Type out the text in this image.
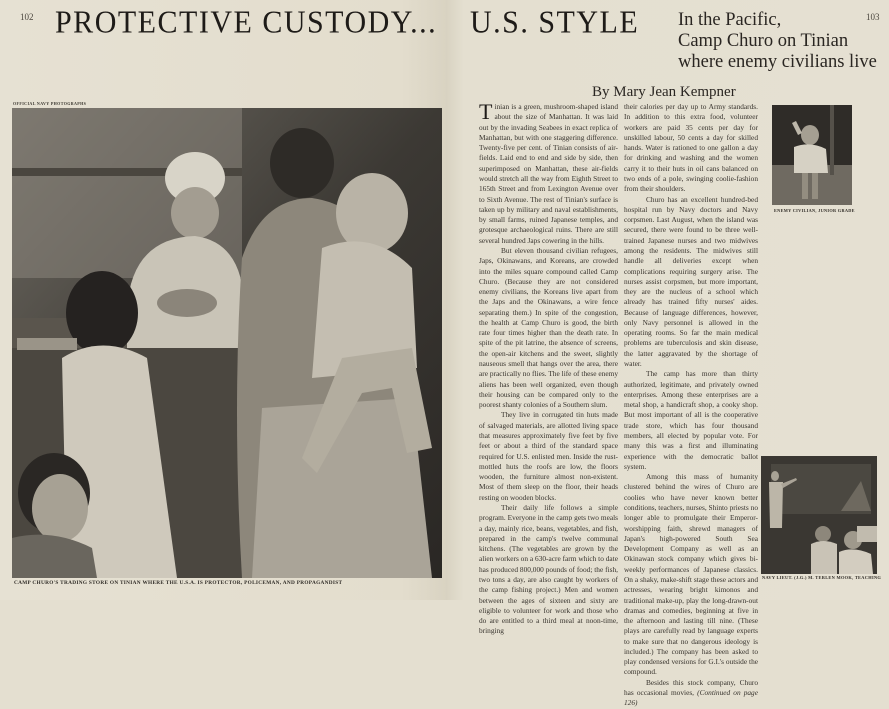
102 PROTECTIVE CUSTODY...
OFFICIAL NAVY PHOTOGRAPHS
CAMP CHURO'S TRADING STORE ON TINIAN WHERE THE U.S.A. IS PROTECTOR, POLICEMAN, AND PROPAGANDIST
U.S. STYLE In the Pacific,
Camp Churo on Tinian
where enemy civilians live
103
By Mary Jean Kempner

Tinian is a green, mushroom-shaped island about the size of Manhattan. It was laid out by the invading Seabees in exact replica of Manhattan, but with one staggering difference. Twenty-five per cent. of Tinian consists of air-fields. Laid end to end and side by side, then superimposed on Manhattan, these air-fields would stretch all the way from Eighth Street to 165th Street and from Lexington Avenue over to Sixth Avenue. The rest of Tinian's surface is taken up by military and naval establishments, by small farms, ruined Japanese temples, and grotesque archaeological ruins. There are still several hundred Japs cowering in the hills.

But eleven thousand civilian refugees, Japs, Okinawans, and Koreans, are crowded into the miles square compound called Camp Churo. (Because they are not considered enemy civilians, the Koreans live apart from the Japs and the Okinawans, a wire fence separating them.) In spite of the congestion, the health at Camp Churo is good, the birth rate four times higher than the death rate. In spite of the pit latrine, the absence of screens, the open-air kitchens and the sweet, slightly nauseous smell that hangs over the area, there are practically no flies. The life of these enemy aliens has been well organized, even though their housing can be compared only to the poorest shanty colonies of a Southern slum.

They live in corrugated tin huts made of salvaged materials, are allotted living space that measures approximately five feet by five feet or about a third of the standard space required for U.S. enlisted men. Inside the rust-mottled huts the roofs are low, the floors wooden, the furniture almost non-existent. Most of them sleep on the floor, their heads resting on wooden blocks.

Their daily life follows a simple program. Everyone in the camp gets two meals a day, mainly rice, beans, vegetables, and fish, prepared in the camp's twelve communal kitchens. (The vegetables are grown by the alien workers on a 630-acre farm which to date has produced 800,000 pounds of food; the fish, two tons a day, are also caught by workers of the camp fishing project.) Men and women between the ages of sixteen and sixty are eligible to volunteer for work and those who do are entitled to a third meal at noon-time, bringing

their calories per day up to Army standards. In addition to this extra food, volunteer workers are paid 35 cents per day for unskilled labour, 50 cents a day for skilled hands. Water is rationed to one gallon a day for drinking and washing and the women carry it to their huts in oil cans balanced on two ends of a pole, swinging coolie-fashion from their shoulders.

Churo has an excellent hundred-bed hospital run by Navy doctors and Navy corpsmen. Last August, when the island was secured, there were found to be three well-trained Japanese nurses and two midwives among the residents. The midwives still handle all deliveries except when complications requiring surgery arise. The nurses assist corpsmen, but more important, they are the nucleus of a school which already has trained fifty nurses' aides. Because of language differences, however, only Navy personnel is allowed in the operating rooms. So far the main medical problems are tuberculosis and skin disease, the latter aggravated by the shortage of water.

The camp has more than thirty authorized, legitimate, and privately owned enterprises. Among these enterprises are a metal shop, a handicraft shop, a cooky shop. But most important of all is the cooperative trade store, which has four thousand members, all elected by popular vote. For many this was a first and illuminating experience with the democratic ballot system.

Among this mass of humanity clustered behind the wires of Churo are coolies who have never known better conditions, teachers, nurses, Shinto priests no longer able to promulgate their Emperor-worshipping faith, shrewd managers of Japan's high-powered South Sea Development Company as well as an Okinawan stock company which gives bi-weekly performances of Japanese classics. On a shaky, make-shift stage these actors and actresses, wearing bright kimonos and traditional make-up, play the long-drawn-out dramas and comedies, beginning at five in the afternoon and lasting till nine. (These plays are carefully read by language experts to make sure that no dangerous ideology is included.) The company has been asked to play condensed versions for G.I.'s outside the compound.

Besides this stock company, Churo has occasional movies, (Continued on page 126)

ENEMY CIVILIAN, JUNIOR GRADE
NAVY LIEUT. (J.G.) M. TERLEN MOOK, TEACHING
